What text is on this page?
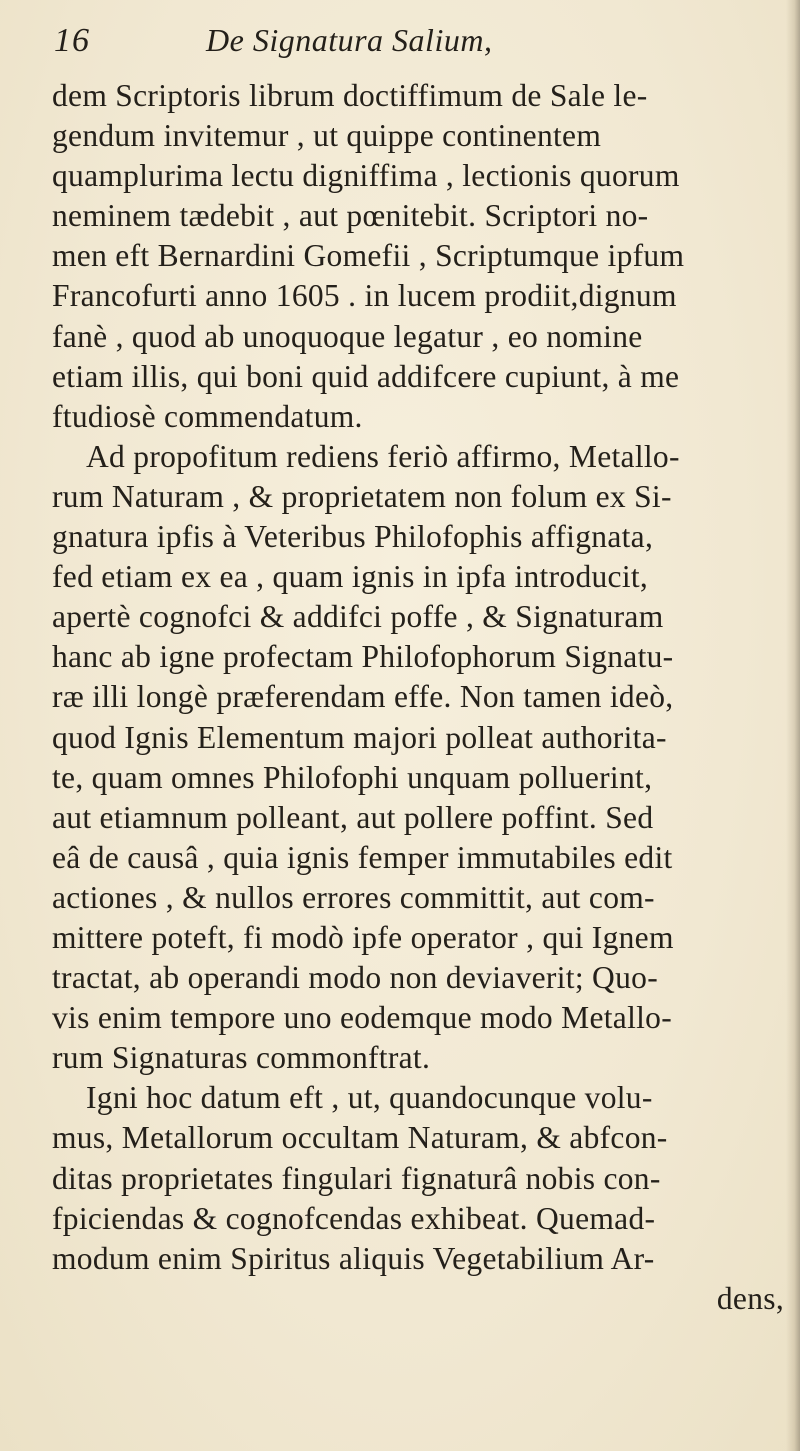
16	De Signatura Salium,
dem Scriptoris librum doctiffimum de Sale le-
gendum invitemur , ut quippe continentem
quamplurima lectu digniffima , lectionis quorum
neminem tædebit , aut pœnitebit. Scriptori no-
men eft Bernardini Gomefii , Scriptumque ipfum
Francofurti anno 1605 . in lucem prodiit,dignum
fanè , quod ab unoquoque legatur , eo nomine
etiam illis, qui boni quid addifcere cupiunt, à me
ftudiosè commendatum.
Ad propofitum rediens feriò affirmo, Metallo-
rum Naturam , & proprietatem non folum ex Si-
gnatura ipfis à Veteribus Philofophis affignata,
fed etiam ex ea , quam ignis in ipfa introducit,
apertè cognofci & addifci poffe , & Signaturam
hanc ab igne profectam Philofophorum Signatu-
ræ illi longè præferendam effe. Non tamen ideò,
quod Ignis Elementum majori polleat authorita-
te, quam omnes Philofophi unquam polluerint,
aut etiamnum polleant, aut pollere poffint. Sed
eâ de causâ , quia ignis femper immutabiles edit
actiones , & nullos errores committit, aut com-
mittere poteft, fi modò ipfe operator , qui Ignem
tractat, ab operandi modo non deviaverit; Quo-
vis enim tempore uno eodemque modo Metallo-
rum Signaturas commonftrat.
Igni hoc datum eft , ut, quandocunque volu-
mus, Metallorum occultam Naturam, & abfcon-
ditas proprietates fingulari fignaturâ nobis con-
fpiciendas & cognofcendas exhibeat. Quemad-
modum enim Spiritus aliquis Vegetabilium Ar-
dens,
